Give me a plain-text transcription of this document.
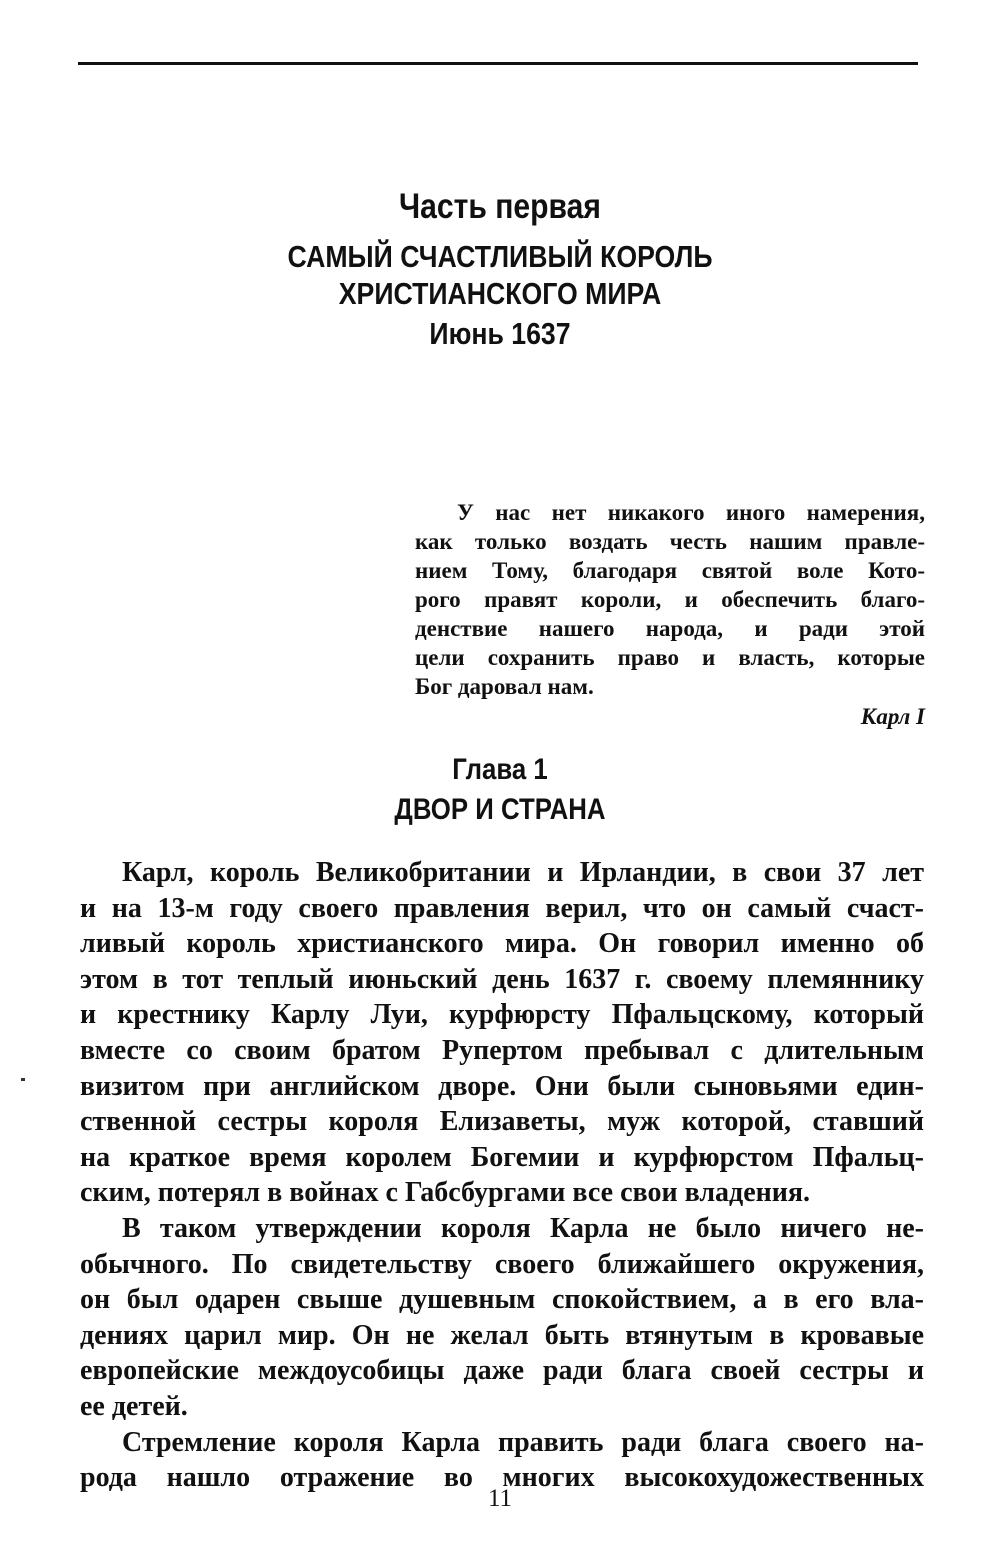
Часть первая
САМЫЙ СЧАСТЛИВЫЙ КОРОЛЬ
ХРИСТИАНСКОГО МИРА
Июнь 1637
У нас нет никакого иного намерения,
как только воздать честь нашим правле-
нием Тому, благодаря святой воле Кото-
рого правят короли, и обеспечить благо-
денствие нашего народа, и ради этой
цели сохранить право и власть, которые
Бог даровал нам.
Карл I
Глава 1
ДВОР И СТРАНА
Карл, король Великобритании и Ирландии, в свои 37 лет
и на 13-м году своего правления верил, что он самый счаст-
ливый король христианского мира. Он говорил именно об
этом в тот теплый июньский день 1637 г. своему племяннику
и крестнику Карлу Луи, курфюрсту Пфальцскому, который
вместе со своим братом Рупертом пребывал с длительным
визитом при английском дворе. Они были сыновьями един-
ственной сестры короля Елизаветы, муж которой, ставший
на краткое время королем Богемии и курфюрстом Пфальц-
ским, потерял в войнах с Габсбургами все свои владения.
В таком утверждении короля Карла не было ничего не-
обычного. По свидетельству своего ближайшего окружения,
он был одарен свыше душевным спокойствием, а в его вла-
дениях царил мир. Он не желал быть втянутым в кровавые
европейские междоусобицы даже ради блага своей сестры и
ее детей.
Стремление короля Карла править ради блага своего на-
рода нашло отражение во многих высокохудожественных
11
